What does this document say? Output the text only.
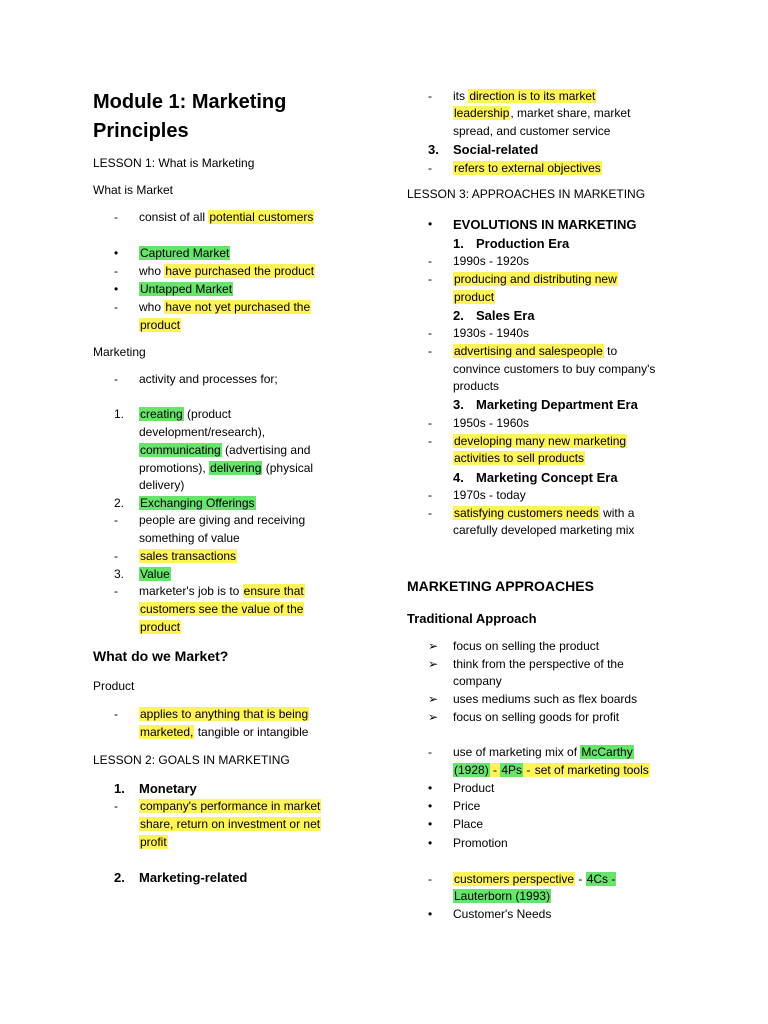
Module 1: Marketing
Principles
LESSON 1: What is Marketing
What is Market
- consist of all potential customers
• Captured Market
- who have purchased the product
• Untapped Market
- who have not yet purchased the
product
Marketing
- activity and processes for;
1. creating (product
development/research),
communicating (advertising and
promotions), delivering (physical
delivery)
2. Exchanging Offerings
- people are giving and receiving
something of value
- sales transactions
3. Value
- marketer's job is to ensure that
customers see the value of the
product
What do we Market?
Product
- applies to anything that is being
marketed, tangible or intangible
LESSON 2: GOALS IN MARKETING
1. Monetary
- company's performance in market
share, return on investment or net
profit
2. Marketing-related
- its direction is to its market
leadership, market share, market
spread, and customer service
3. Social-related
- refers to external objectives
LESSON 3: APPROACHES IN MARKETING
• EVOLUTIONS IN MARKETING
1. Production Era
- 1990s - 1920s
- producing and distributing new
product
2. Sales Era
- 1930s - 1940s
- advertising and salespeople to
convince customers to buy company's
products
3. Marketing Department Era
- 1950s - 1960s
- developing many new marketing
activities to sell products
4. Marketing Concept Era
- 1970s - today
- satisfying customers needs with a
carefully developed marketing mix
MARKETING APPROACHES
Traditional Approach
➢ focus on selling the product
➢ think from the perspective of the
company
➢ uses mediums such as flex boards
➢ focus on selling goods for profit
- use of marketing mix of McCarthy
(1928) - 4Ps - set of marketing tools
• Product
• Price
• Place
• Promotion
- customers perspective - 4Cs -
Lauterborn (1993)
• Customer's Needs
